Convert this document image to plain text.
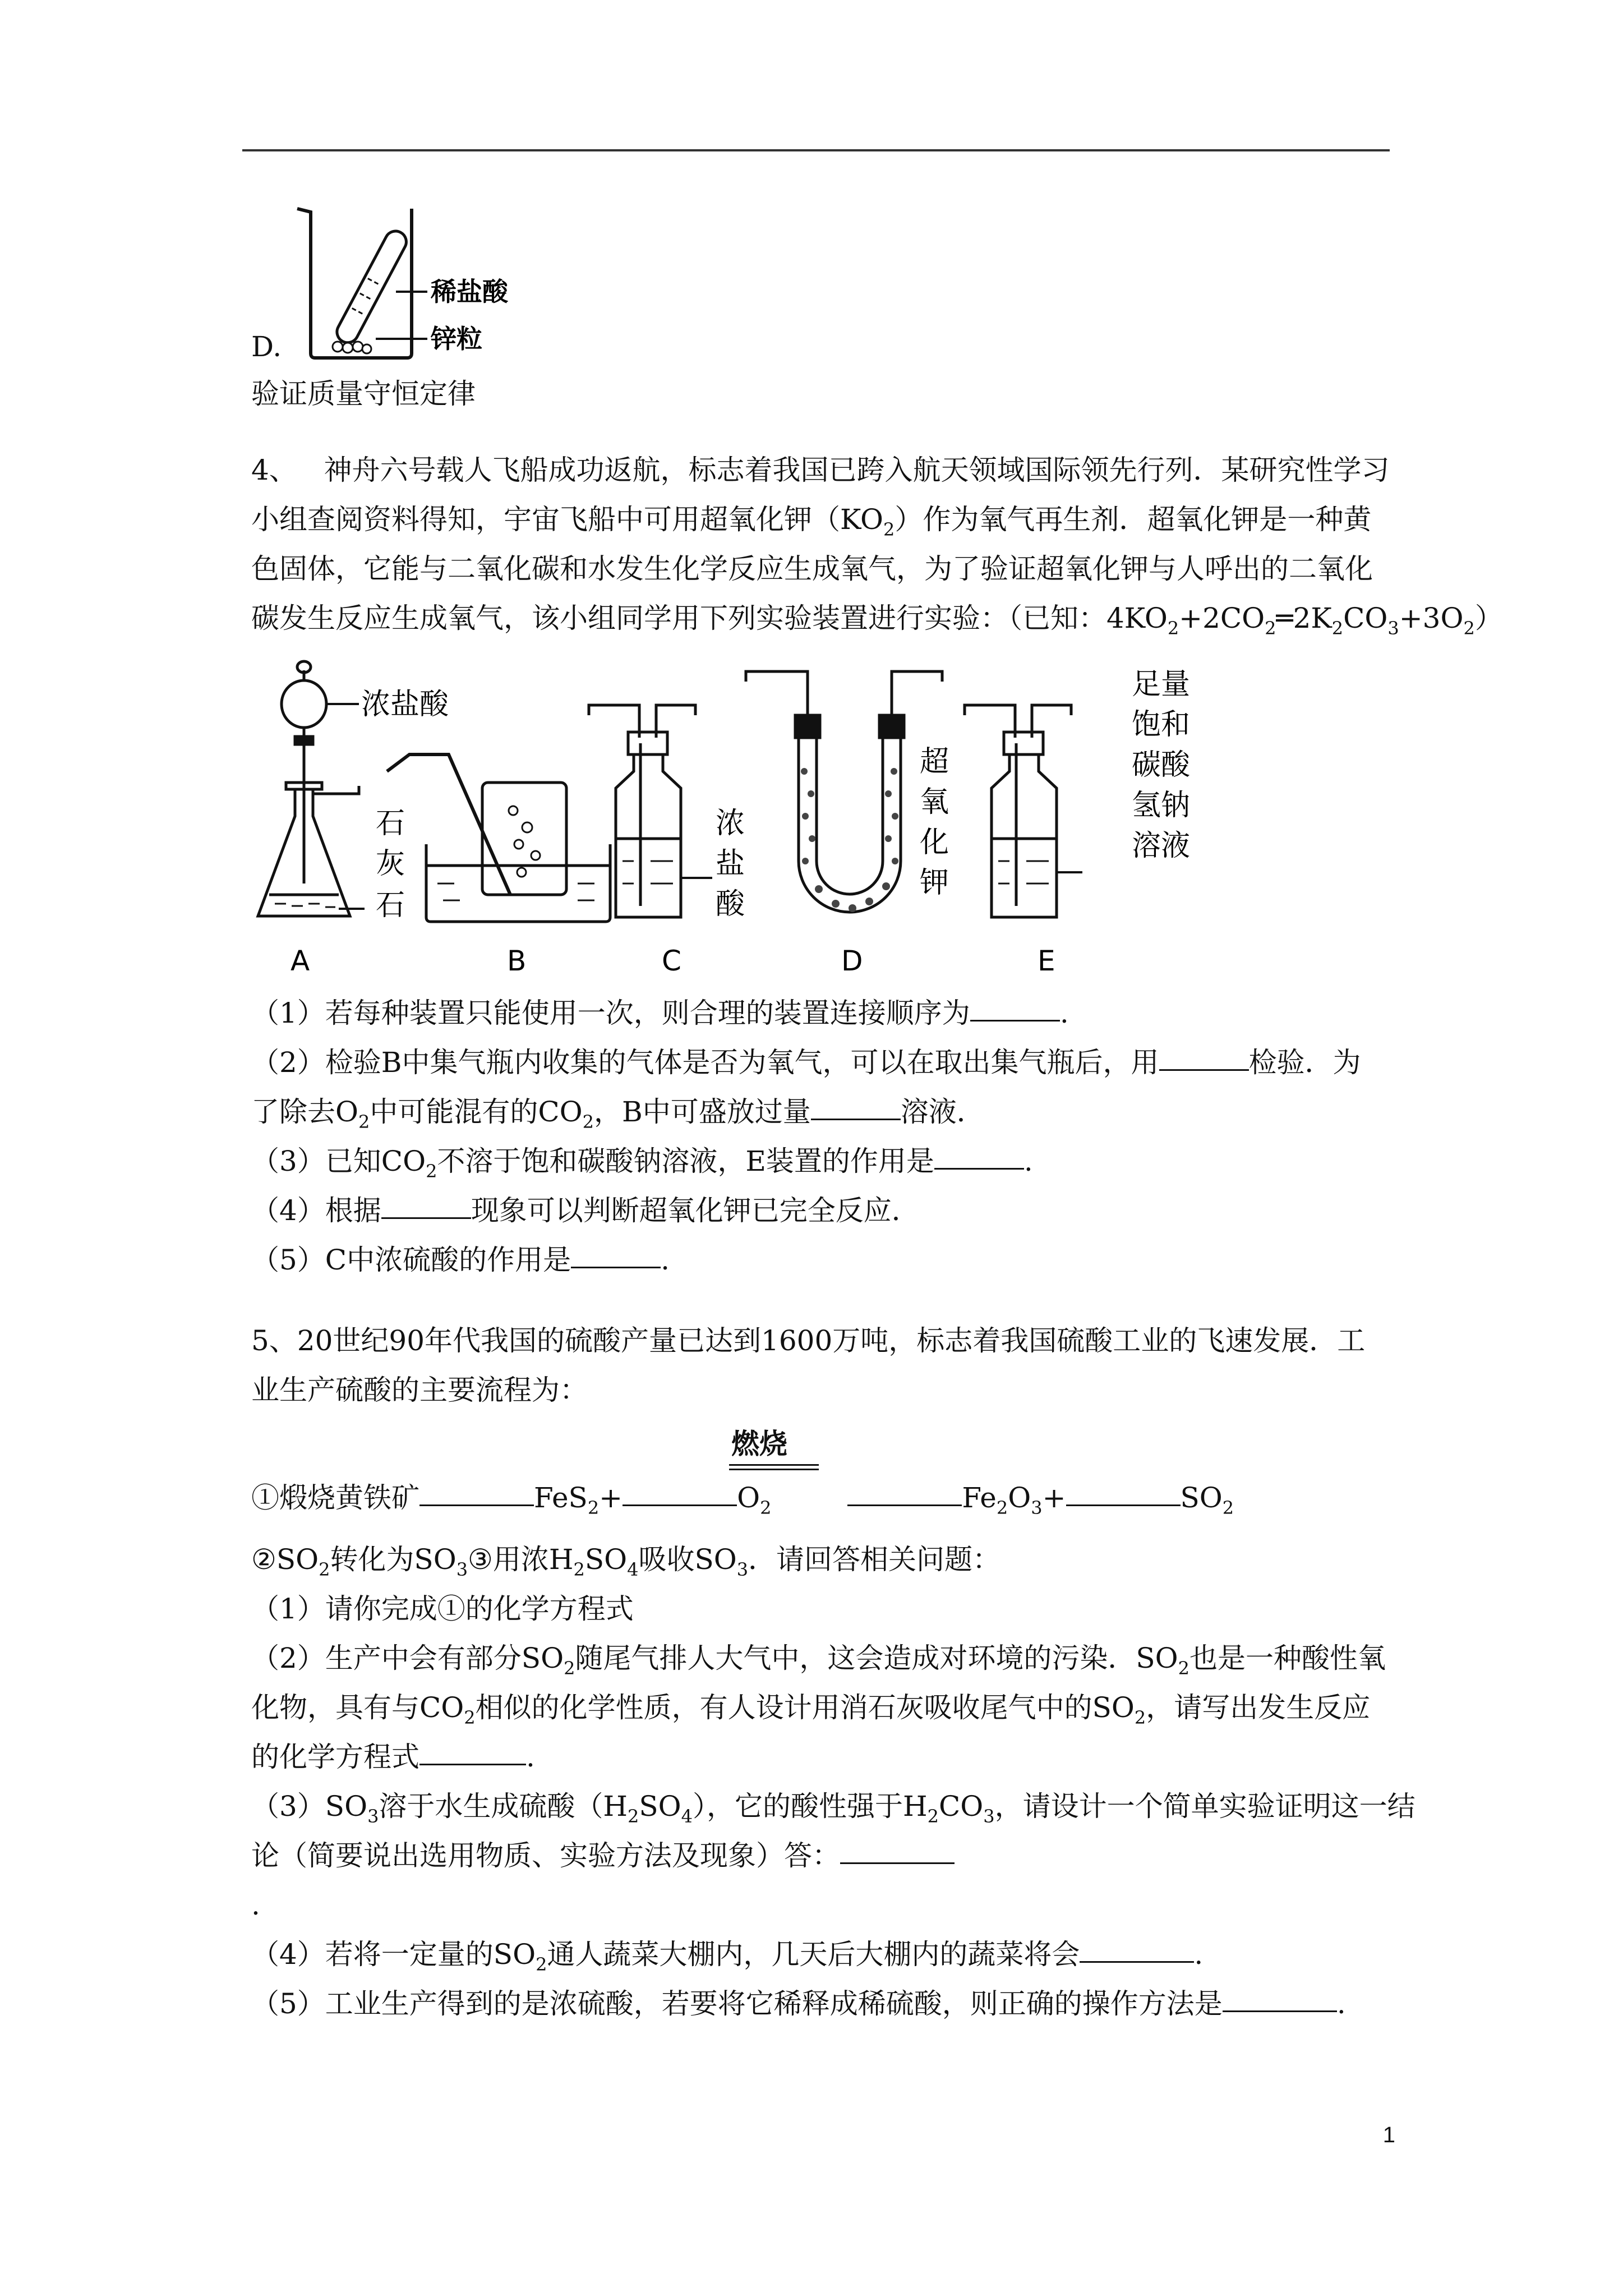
稀盐酸
锌粒
D.
验证质量守恒定律
4、 神舟六号载人飞船成功返航，标志着我国已跨入航天领域国际领先行列．某研究性学习
小组查阅资料得知，宇宙飞船中可用超氧化钾$(KO_2)$作为氧气再生剂．超氧化钾是一种黄
色固体，它能与二氧化碳和水发生化学反应生成氧气，为了验证超氧化钾与人呼出的二氧化
碳发生反应生成氧气，该小组同学用下列实验装置进行实验：（已知：$4KO_2+2CO_2═2K_2CO_3+3O_2$）
浓盐酸
石
灰
石
浓
盐
酸
超
氧
化
钾
足量
饱和
碳酸
氢钠
溶液
A	B	C	D	E
（1）若每种装置只能使用一次，则合理的装置连接顺序为	.
（2）检验B中集气瓶内收集的气体是否为氧气，可以在取出集气瓶后，用	检验．为
了除去$O_2$中可能混有的$CO_2$，B中可盛放过量	溶液．
（3）已知$CO_2$不溶于饱和碳酸钠溶液，E装置的作用是	.
（4）根据	现象可以判断超氧化钾已完全反应．
（5）C中浓硫酸的作用是	.
5、20世纪90年代我国的硫酸产量已达到1600万吨，标志着我国硫酸工业的飞速发展．工
业生产硫酸的主要流程为：
燃烧
①煅烧黄铁矿	FeS$_2$+	$O_2$	$Fe_2O_3+$	$SO_2$
$②SO_2$转化为$SO_3③$用浓$H_2SO_4$吸收$SO_3$．请回答相关问题：
（1）请你完成①的化学方程式
（2）生产中会有部分$SO_2$随尾气排人大气中，这会造成对环境的污染．$SO_2$也是一种酸性氧
化物，具有与$CO_2$相似的化学性质，有人设计用消石灰吸收尾气中的$SO_2$，请写出发生反应
的化学方程式	.
$(3)SO_3$溶于水生成硫酸$(H_2SO_4)$，它的酸性强于$H_2CO_3$，请设计一个简单实验证明这一结
论（简要说出选用物质、实验方法及现象）答：
.
（4）若将一定量的$SO_2$通人蔬菜大棚内，几天后大棚内的蔬菜将会	.
（5）工业生产得到的是浓硫酸，若要将它稀释成稀硫酸，则正确的操作方法是	.
1
